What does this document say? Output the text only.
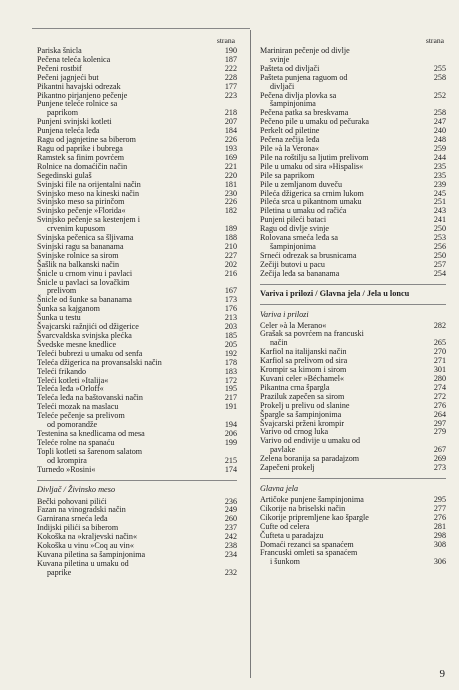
strana
Pariska šnicla	190
Pečena teleća kolenica	187
Pečeni rostbif	222
Pečeni jagnjeći but	228
Pikantni havajski odrezak	177
Pikantno pirjanjeno pečenje	223
Punjene teleće rolnice sa
paprikom	218
Punjeni svinjski kotleti	207
Punjena teleća leđa	184
Ragu od jagnjetine sa biberom	226
Ragu od paprike i bubrega	193
Ramstek sa finim povrćem	169
Rolnice na domaćičin način	221
Segedinski gulaš	220
Svinjski file na orijentalni način	181
Svinjsko meso na kineski način	230
Svinjsko meso sa pirinčom	226
Svinjsko pečenje »Florida«	182
Svinjsko pečenje sa kestenjem i
crvenim kupusom	189
Svinjska pečenica sa šljivama	188
Svinjski ragu sa bananama	210
Svinjske rolnice sa sirom	227
Šašlik na balkanski način	202
Šnicle u crnom vinu i pavlaci	216
Šnicle u pavlaci sa lovačkim
prelivom	167
Šnicle od šunke sa bananama	173
Šunka sa kajganom	176
Šunka u testu	213
Švajcarski ražnjići od džigerice	203
Švarcvaldska svinjska plećka	185
Švedske mesne knedlice	205
Teleći bubrezi u umaku od senfa	192
Teleća džigerica na provansalski način	178
Teleći frikando	183
Teleći kotleti »Italija«	172
Teleća leđa »Orloff«	195
Teleća leđa na baštovanski način	217
Teleći mozak na maslacu	191
Teleće pečenje sa prelivom
od pomorandže	194
Testenina sa knedlicama od mesa	206
Teleće rolne na spanaću	199
Topli kotleti sa šarenom salatom
od krompira	215
Turnedo »Rosini«	174
Divljač / Živinsko meso
Bečki pohovani pilići	236
Fazan na vinogradski način	249
Garnirana srneća leđa	260
Indijski pilići sa biberom	237
Kokoška na »kraljevski način«	242
Kokoška u vinu »Coq au vin«	238
Kuvana piletina sa šampinjonima	234
Kuvana piletina u umaku od
paprike	232
strana
Mariniran pečenje od divlje
svinje
Pašteta od divljači	255
Pašteta punjena raguom od	258
divljači
Pečena divlja plovka sa	252
šampinjonima
Pečena patka sa breskvama	258
Pečeno pile u umaku od pečuraka	247
Perkelt od piletine	240
Pečena zečija leđa	248
Pile »à la Verona«	259
Pile na roštilju sa ljutim prelivom	244
Pile u umaku od sira »Hispalis«	235
Pile sa paprikom	235
Pile u zemljanom duveču	239
Pileća džigerica sa crnim lukom	245
Pileća srca u pikantnom umaku	251
Piletina u umaku od račića	243
Punjeni pileći bataci	241
Ragu od divlje svinje	250
Rolovana srneća leđa sa	253
šampinjonima	256
Srneći odrezak sa brusnicama	250
Zečiji butovi u pacu	257
Zečija leđa sa bananama	254
Variva i prilozi / Glavna jela / Jela u loncu
Variva i prilozi
Celer »à la Merano«	282
Grašak sa povrćem na francuski
način	265
Karfiol na italijanski način	270
Karfiol sa prelivom od sira	271
Krompir sa kimom i sirom	301
Kuvani celer »Béchamel«	280
Pikantna crna špargla	274
Praziluk zapečen sa sirom	272
Prokelj u prelivu od slanine	276
Špargle sa šampinjonima	264
Švajcarski prženi krompir	297
Varivo od crnog luka	279
Varivo od endivije u umaku od
pavlake	267
Zelena boranija sa paradajzom	269
Zapečeni prokelj	273
Glavna jela
Artičoke punjene šampinjonima	295
Cikorije na briselski način	277
Cikorije pripremljene kao špargle	276
Cufte od celera	281
Čufteta u paradajzu	298
Domaći rezanci sa spanaćem	308
Francuski omleti sa spanaćem
i šunkom	306
9
